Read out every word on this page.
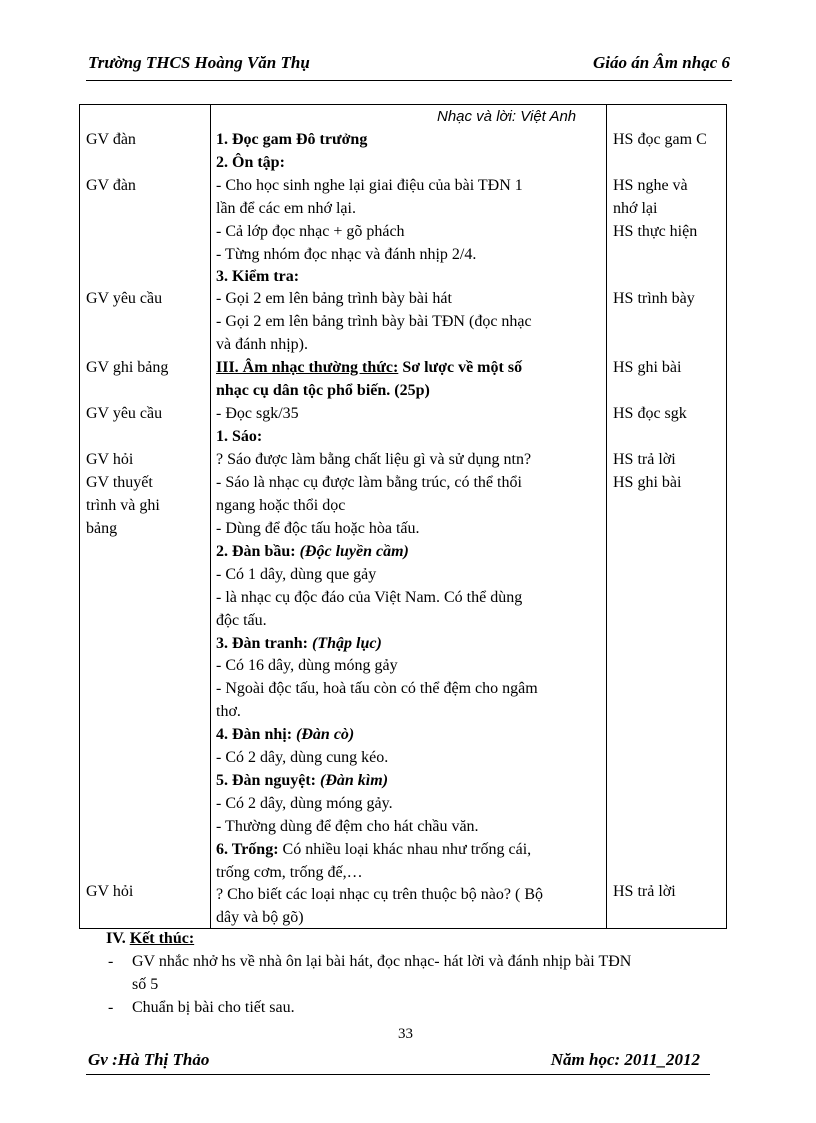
Trường THCS Hoàng Văn Thụ	Giáo án Âm nhạc 6
GV đàn
GV đàn
GV yêu cầu
GV ghi bảng
GV yêu cầu
GV hỏi
GV thuyết
trình và ghi
bảng
GV hỏi
Nhạc và lời: Việt Anh
1. Đọc gam Đô trưởng
2. Ôn tập:
- Cho học sinh nghe lại giai điệu của bài TĐN 1
lần để các em nhớ lại.
- Cả lớp đọc nhạc + gõ phách
- Từng nhóm đọc nhạc và đánh nhịp 2/4.
3. Kiểm tra:
- Gọi 2 em lên bảng trình bày bài hát
- Gọi 2 em lên bảng trình bày bài TĐN (đọc nhạc
và đánh nhịp).
III. Âm nhạc thường thức: Sơ lược về một số
nhạc cụ dân tộc phổ biến. (25p)
- Đọc sgk/35
1. Sáo:
? Sáo được làm bằng chất liệu gì và sử dụng ntn?
- Sáo là nhạc cụ được làm bằng trúc, có thể thổi
ngang hoặc thổi dọc
- Dùng để độc tấu hoặc hòa tấu.
2. Đàn bầu: (Độc luyền cầm)
- Có 1 dây, dùng que gảy
- là nhạc cụ độc đáo của Việt Nam. Có thể dùng
độc tấu.
3. Đàn tranh: (Thập lục)
- Có 16 dây, dùng móng gảy
- Ngoài độc tấu, hoà tấu còn có thể đệm cho ngâm
thơ.
4. Đàn nhị: (Đàn cò)
- Có 2 dây, dùng cung kéo.
5. Đàn nguyệt: (Đàn kìm)
- Có 2 dây, dùng móng gảy.
- Thường dùng để đệm cho hát chầu văn.
6. Trống: Có nhiều loại khác nhau như trống cái,
trống cơm, trống đế,…
? Cho biết các loại nhạc cụ trên thuộc bộ nào? ( Bộ
dây và bộ gõ)
HS đọc gam C
HS nghe và
nhớ lại
HS thực hiện
HS trình bày
HS ghi bài
HS đọc sgk
HS trả lời
HS ghi bài
HS trả lời
IV. Kết thúc:
- GV nhắc nhở hs về nhà ôn lại bài hát, đọc nhạc- hát lời và đánh nhịp bài TĐN
số 5
- Chuẩn bị bài cho tiết sau.
33
Gv :Hà Thị Thảo	Năm học: 2011_2012
